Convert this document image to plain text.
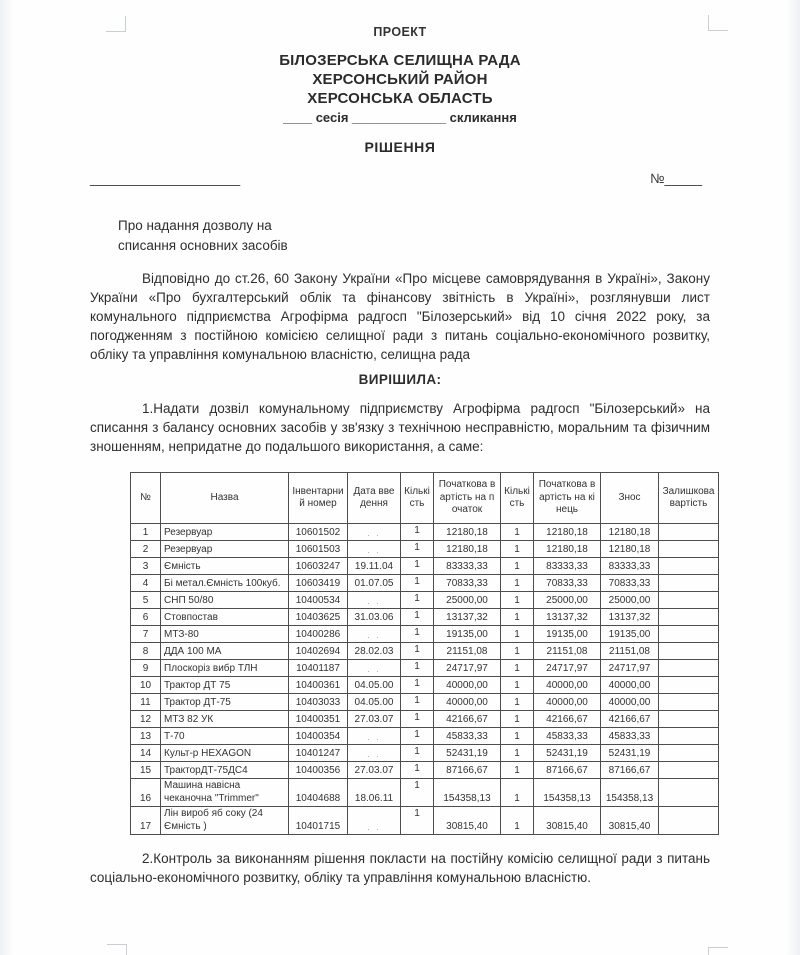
ПРОЕКТ
БІЛОЗЕРСЬКА СЕЛИЩНА РАДА
ХЕРСОНСЬКИЙ РАЙОН
ХЕРСОНСЬКА ОБЛАСТЬ
____ сесія _____________ скликання
РІШЕННЯ
____________________	№_____
Про надання дозволу на
списання основних засобів

Відповідно до ст.26, 60 Закону України «Про місцеве самоврядування в Україні», Закону України «Про бухгалтерський облік та фінансову звітність в Україні», розглянувши лист комунального підприємства Агрофірма радгосп "Білозерський» від 10 січня 2022 року, за погодженням з постійною комісією селищної ради з питань соціально-економічного розвитку, обліку та управління комунальною власністю, селищна рада

ВИРІШИЛА:

1.Надати дозвіл комунальному підприємству Агрофірма радгосп "Білозерський» на списання з балансу основних засобів у зв'язку з технічною несправністю, моральним та фізичним зношенням, непридатне до подальшого використання, а саме:

№	Назва	Інвентарний номер	Дата введення	Кількість	Початкова вартість на початок	Кількість	Початкова вартість на кінець	Знос	Залишкова вартість
1	Резервуар	10601502	. .	1	12180,18	1	12180,18	12180,18	
2	Резервуар	10601503	. .	1	12180,18	1	12180,18	12180,18	
3	Ємність	10603247	19.11.04	1	83333,33	1	83333,33	83333,33	
4	Бі метал.Ємність 100куб.	10603419	01.07.05	1	70833,33	1	70833,33	70833,33	
5	СНП 50/80	10400534	. .	1	25000,00	1	25000,00	25000,00	
6	Стовпостав	10403625	31.03.06	1	13137,32	1	13137,32	13137,32	
7	МТЗ-80	10400286	. .	1	19135,00	1	19135,00	19135,00	
8	ДДА 100 МА	10402694	28.02.03	1	21151,08	1	21151,08	21151,08	
9	Плоскоріз вибр ТЛН	10401187	. .	1	24717,97	1	24717,97	24717,97	
10	Трактор ДТ 75	10400361	04.05.00	1	40000,00	1	40000,00	40000,00	
11	Трактор ДТ-75	10403033	04.05.00	1	40000,00	1	40000,00	40000,00	
12	МТЗ 82 УК	10400351	27.03.07	1	42166,67	1	42166,67	42166,67	
13	Т-70	10400354	. .	1	45833,33	1	45833,33	45833,33	
14	Культ-р HEXAGON	10401247	. .	1	52431,19	1	52431,19	52431,19	
15	ТракторДТ-75ДС4	10400356	27.03.07	1	87166,67	1	87166,67	87166,67	
16	Машина навісна чеканочна "Trimmer"	10404688	18.06.11	1	154358,13	1	154358,13	154358,13	
17	Лін вироб яб соку (24 Ємність )	10401715	. .	1	30815,40	1	30815,40	30815,40	

2.Контроль за виконанням рішення покласти на постійну комісію селищної ради з питань соціально-економічного розвитку, обліку та управління комунальною власністю.
